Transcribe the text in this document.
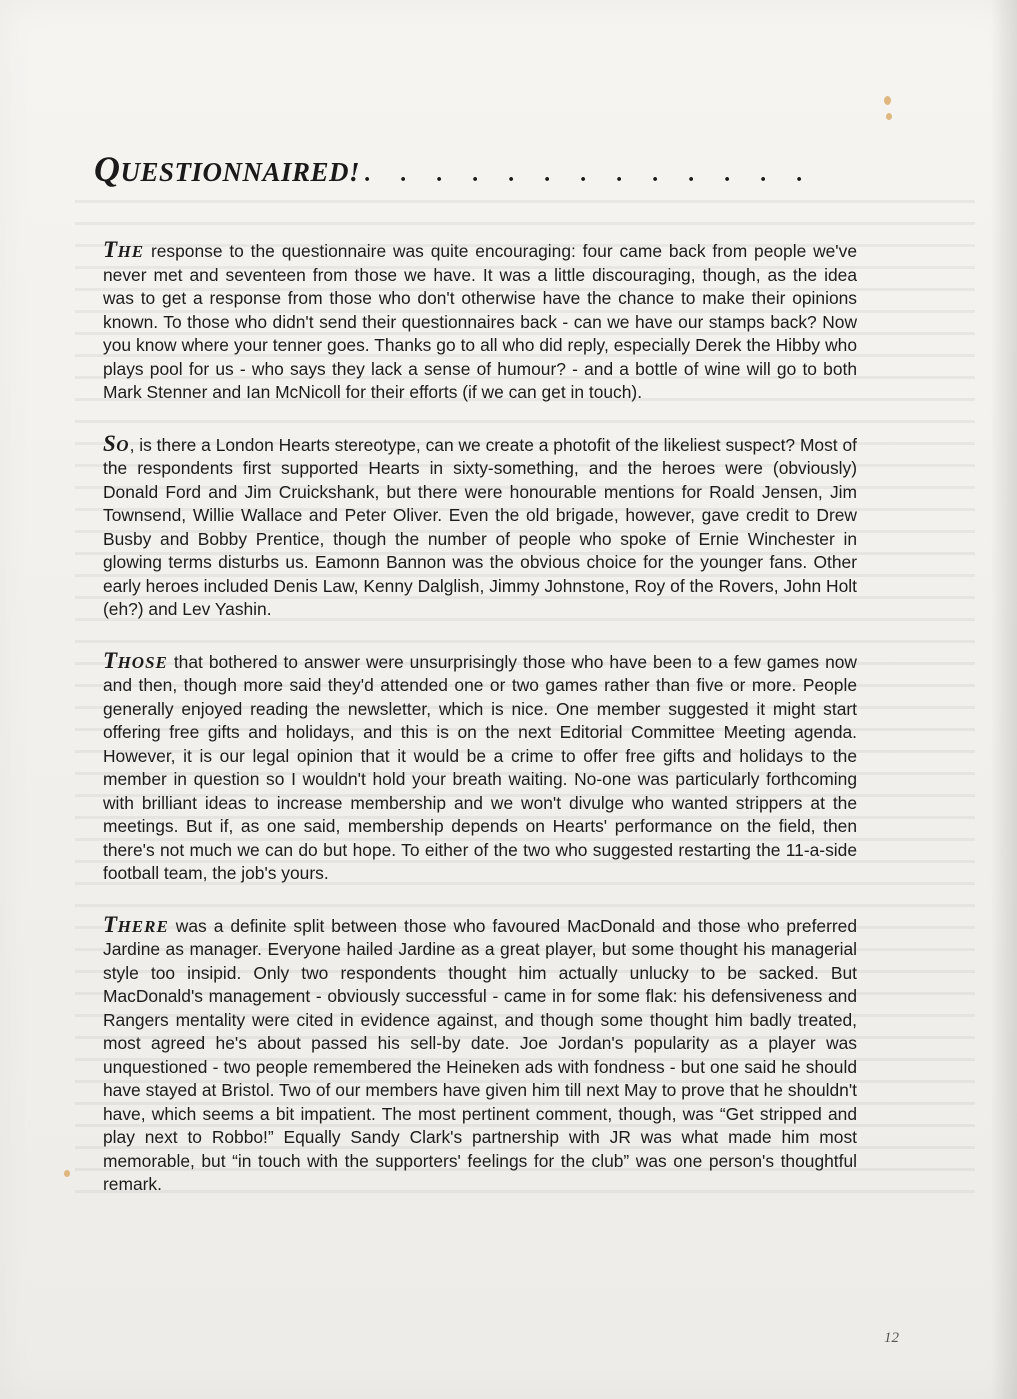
QUESTIONNAIRED! . . . . . . . . . . . . .

THE response to the questionnaire was quite encouraging: four came back from people we've never met and seventeen from those we have. It was a little discouraging, though, as the idea was to get a response from those who don't otherwise have the chance to make their opinions known. To those who didn't send their questionnaires back - can we have our stamps back? Now you know where your tenner goes. Thanks go to all who did reply, especially Derek the Hibby who plays pool for us - who says they lack a sense of humour? - and a bottle of wine will go to both Mark Stenner and Ian McNicoll for their efforts (if we can get in touch).

SO, is there a London Hearts stereotype, can we create a photofit of the likeliest suspect? Most of the respondents first supported Hearts in sixty-something, and the heroes were (obviously) Donald Ford and Jim Cruickshank, but there were honourable mentions for Roald Jensen, Jim Townsend, Willie Wallace and Peter Oliver. Even the old brigade, however, gave credit to Drew Busby and Bobby Prentice, though the number of people who spoke of Ernie Winchester in glowing terms disturbs us. Eamonn Bannon was the obvious choice for the younger fans. Other early heroes included Denis Law, Kenny Dalglish, Jimmy Johnstone, Roy of the Rovers, John Holt (eh?) and Lev Yashin.

THOSE that bothered to answer were unsurprisingly those who have been to a few games now and then, though more said they'd attended one or two games rather than five or more. People generally enjoyed reading the newsletter, which is nice. One member suggested it might start offering free gifts and holidays, and this is on the next Editorial Committee Meeting agenda. However, it is our legal opinion that it would be a crime to offer free gifts and holidays to the member in question so I wouldn't hold your breath waiting. No-one was particularly forthcoming with brilliant ideas to increase membership and we won't divulge who wanted strippers at the meetings. But if, as one said, membership depends on Hearts' performance on the field, then there's not much we can do but hope. To either of the two who suggested restarting the 11-a-side football team, the job's yours.

THERE was a definite split between those who favoured MacDonald and those who preferred Jardine as manager. Everyone hailed Jardine as a great player, but some thought his managerial style too insipid. Only two respondents thought him actually unlucky to be sacked. But MacDonald's management - obviously successful - came in for some flak: his defensiveness and Rangers mentality were cited in evidence against, and though some thought him badly treated, most agreed he's about passed his sell-by date. Joe Jordan's popularity as a player was unquestioned - two people remembered the Heineken ads with fondness - but one said he should have stayed at Bristol. Two of our members have given him till next May to prove that he shouldn't have, which seems a bit impatient. The most pertinent comment, though, was “Get stripped and play next to Robbo!” Equally Sandy Clark's partnership with JR was what made him most memorable, but “in touch with the supporters' feelings for the club” was one person's thoughtful remark.

12
